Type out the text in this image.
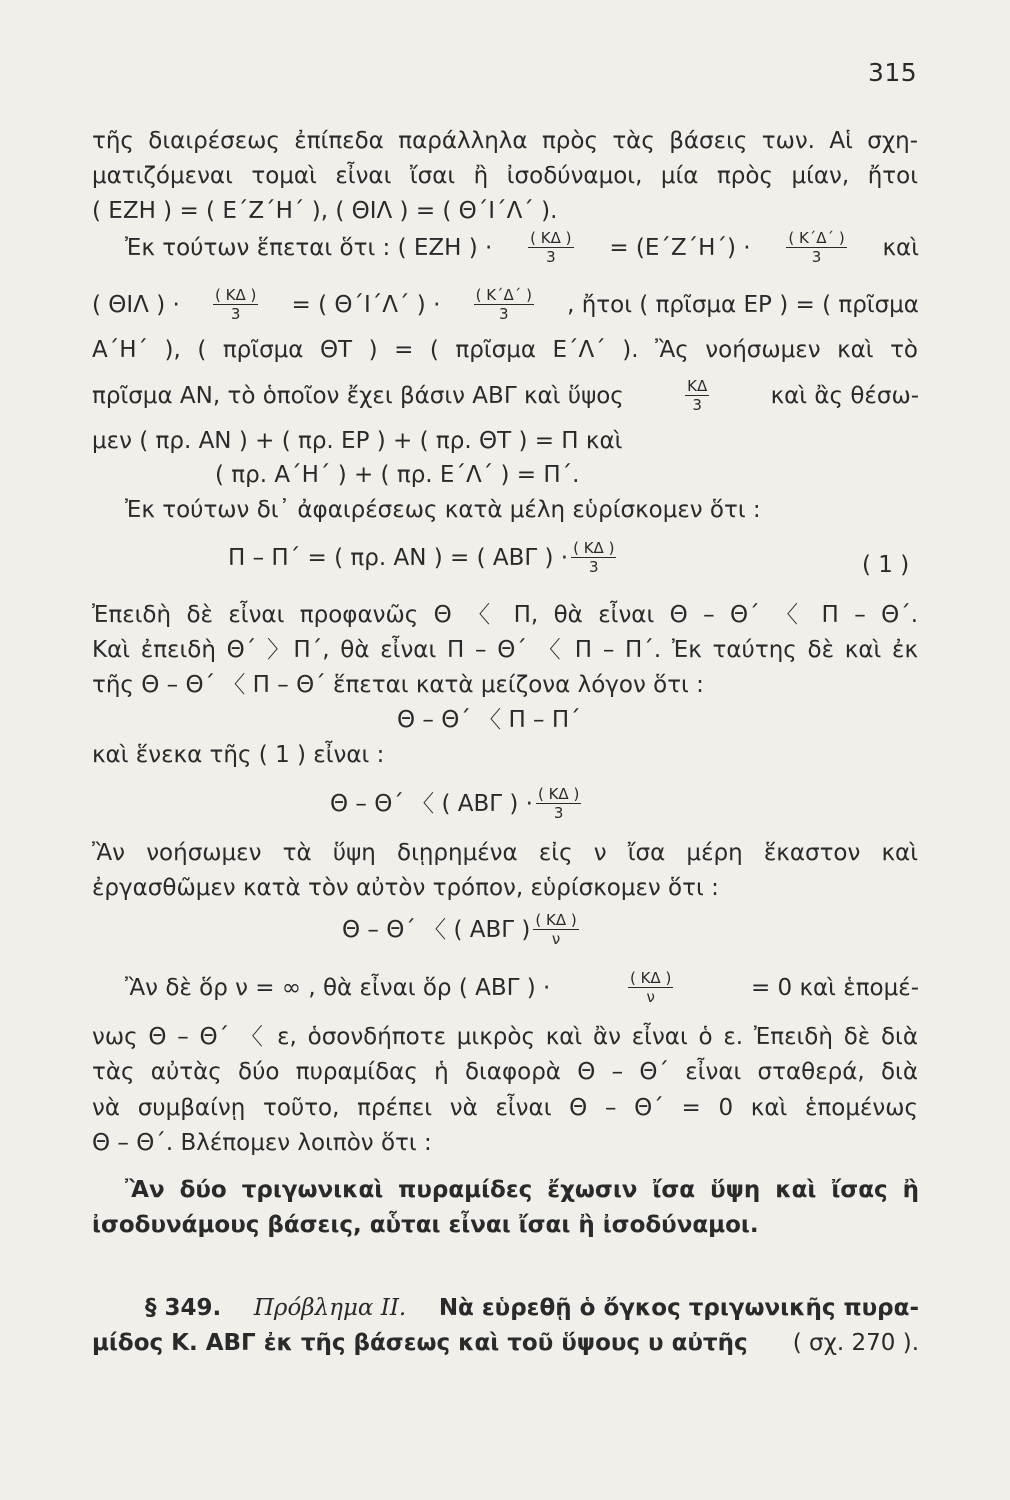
315
τῆς διαιρέσεως ἐπίπεδα παράλληλα πρὸς τὰς βάσεις των. Αἱ σχη-
ματιζόμεναι τομαὶ εἶναι ἴσαι ἢ ἰσοδύναμοι, μία πρὸς μίαν, ἤτοι
( ΕΖΗ ) = ( Ε΄Ζ΄Η΄ ), ( ΘΙΛ ) = ( Θ΄Ι΄Λ΄ ).
Ἐκ τούτων ἕπεται ὅτι : ( ΕΖΗ ) · $\frac{( K\Delta )}{3} = (E΄Z΄H΄) \cdot \frac{( K΄\Delta΄ )}{3}$ καὶ
( ΘΙΛ ) · $\frac{( K\Delta )}{3}$ = ( Θ΄Ι΄Λ΄ ) · $\frac{( K΄\Delta΄ )}{3}$ , ἤτοι ( πρῖσμα ΕΡ ) = ( πρῖσμα
Α΄Η΄ ), ( πρῖσμα ΘΤ ) = ( πρῖσμα Ε΄Λ΄ ). Ἂς νοήσωμεν καὶ τὸ
πρῖσμα ΑΝ, τὸ ὁποῖον ἔχει βάσιν ΑΒΓ καὶ ὕψος	$\frac{K\Delta}{3}$	καὶ ἂς θέσω-
μεν ( πρ. ΑΝ ) + ( πρ. ΕΡ ) + ( πρ. ΘΤ ) = Π καὶ
( πρ. Α΄Η΄ ) + ( πρ. Ε΄Λ΄ ) = Π΄.
Ἐκ τούτων δι᾿ ἀφαιρέσεως κατὰ μέλη εὑρίσκομεν ὅτι :
Π – Π΄ = ( πρ. ΑΝ ) = ( ΑΒΓ ) · $\frac{( K\Delta )}{3}$	( 1 )
Ἐπειδὴ δὲ εἶναι προφανῶς Θ 〈 Π, θὰ εἶναι Θ – Θ΄ 〈 Π – Θ΄.
Καὶ ἐπειδὴ Θ΄ 〉Π΄, θὰ εἶναι Π – Θ΄ 〈 Π – Π΄. Ἐκ ταύτης δὲ καὶ ἐκ
τῆς Θ – Θ΄ 〈 Π – Θ΄ ἕπεται κατὰ μείζονα λόγον ὅτι :
Θ – Θ΄ 〈 Π – Π΄
καὶ ἕνεκα τῆς ( 1 ) εἶναι :
Θ – Θ΄ 〈 ( ΑΒΓ ) · $\frac{( K\Delta )}{3}$
Ἂν νοήσωμεν τὰ ὕψη διῃρημένα εἰς ν ἴσα μέρη ἕκαστον καὶ
ἐργασθῶμεν κατὰ τὸν αὐτὸν τρόπον, εὑρίσκομεν ὅτι :
Θ – Θ΄ 〈 ( ΑΒΓ ) $\frac{( K\Delta )}{\nu}$
Ἂν δὲ ὅρ ν = ∞ , θὰ εἶναι ὅρ ( ΑΒΓ ) ·	$\frac{( K\Delta )}{\nu}$	= 0 καὶ ἑπομέ-
νως Θ – Θ΄ 〈 ε, ὁσονδήποτε μικρὸς καὶ ἂν εἶναι ὁ ε. Ἐπειδὴ δὲ διὰ
τὰς αὐτὰς δύο πυραμίδας ἡ διαφορὰ Θ – Θ΄ εἶναι σταθερά, διὰ
νὰ συμβαίνῃ τοῦτο, πρέπει νὰ εἶναι Θ – Θ΄ = 0 καὶ ἑπομένως
Θ – Θ΄. Βλέπομεν λοιπὸν ὅτι :
Ἂν δύο τριγωνικαὶ πυραμίδες ἔχωσιν ἴσα ὕψη καὶ ἴσας ἢ
ἰσοδυνάμους βάσεις, αὗται εἶναι ἴσαι ἢ ἰσοδύναμοι.
§ 349. Πρόβλημα ΙΙ. Νὰ εὑρεθῇ ὁ ὄγκος τριγωνικῆς πυρα-
μίδος Κ. ΑΒΓ ἐκ τῆς βάσεως καὶ τοῦ ὕψους υ αὐτῆς ( σχ. 270 ).
